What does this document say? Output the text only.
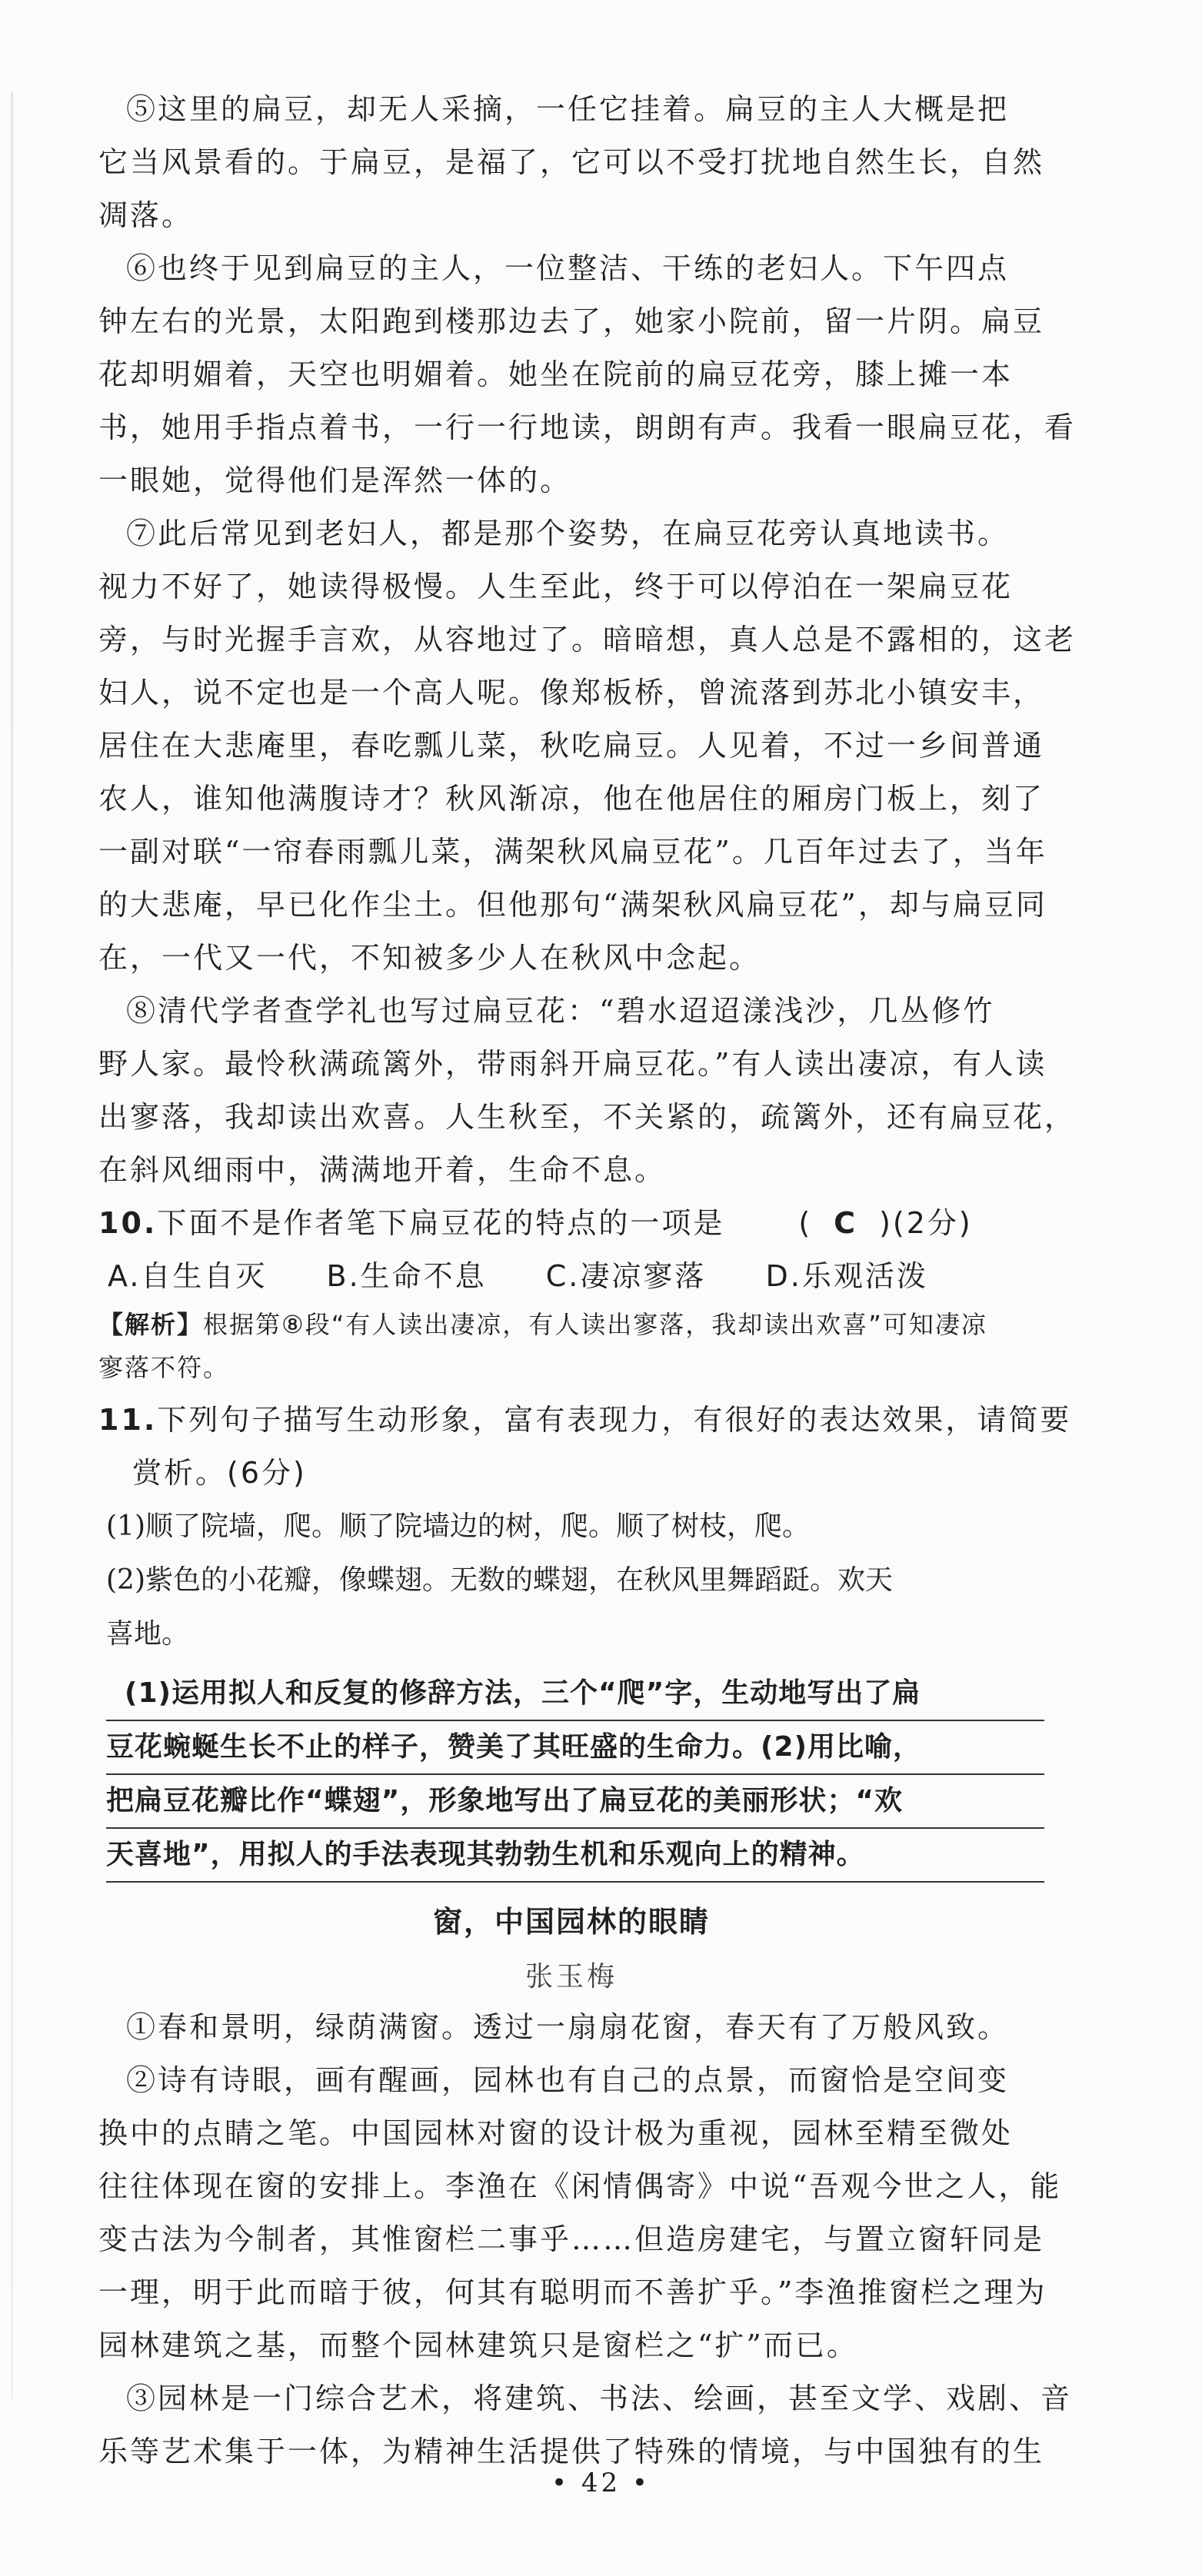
⑤这里的扁豆，却无人采摘，一任它挂着。扁豆的主人大概是把
它当风景看的。于扁豆，是福了，它可以不受打扰地自然生长，自然
凋落。
⑥也终于见到扁豆的主人，一位整洁、干练的老妇人。下午四点
钟左右的光景，太阳跑到楼那边去了，她家小院前，留一片阴。扁豆
花却明媚着，天空也明媚着。她坐在院前的扁豆花旁，膝上摊一本
书，她用手指点着书，一行一行地读，朗朗有声。我看一眼扁豆花，看
一眼她，觉得他们是浑然一体的。
⑦此后常见到老妇人，都是那个姿势，在扁豆花旁认真地读书。
视力不好了，她读得极慢。人生至此，终于可以停泊在一架扁豆花
旁，与时光握手言欢，从容地过了。暗暗想，真人总是不露相的，这老
妇人，说不定也是一个高人呢。像郑板桥，曾流落到苏北小镇安丰，
居住在大悲庵里，春吃瓢儿菜，秋吃扁豆。人见着，不过一乡间普通
农人，谁知他满腹诗才？秋风渐凉，他在他居住的厢房门板上，刻了
一副对联“一帘春雨瓢儿菜，满架秋风扁豆花”。几百年过去了，当年
的大悲庵，早已化作尘土。但他那句“满架秋风扁豆花”，却与扁豆同
在，一代又一代，不知被多少人在秋风中念起。
⑧清代学者查学礼也写过扁豆花：“碧水迢迢漾浅沙，几丛修竹
野人家。最怜秋满疏篱外，带雨斜开扁豆花。”有人读出凄凉，有人读
出寥落，我却读出欢喜。人生秋至，不关紧的，疏篱外，还有扁豆花，
在斜风细雨中，满满地开着，生命不息。
10.下面不是作者笔下扁豆花的特点的一项是	( C )(2分)
A.自生自灭 B.生命不息 C.凄凉寥落 D.乐观活泼
【解析】根据第⑧段“有人读出凄凉，有人读出寥落，我却读出欢喜”可知凄凉
寥落不符。
11.下列句子描写生动形象，富有表现力，有很好的表达效果，请简要
赏析。(6分)
(1)顺了院墙，爬。顺了院墙边的树，爬。顺了树枝，爬。
(2)紫色的小花瓣，像蝶翅。无数的蝶翅，在秋风里舞蹈跹。欢天
喜地。
(1)运用拟人和反复的修辞方法，三个“爬”字，生动地写出了扁
豆花蜿蜒生长不止的样子，赞美了其旺盛的生命力。(2)用比喻，
把扁豆花瓣比作“蝶翅”，形象地写出了扁豆花的美丽形状；“欢
天喜地”，用拟人的手法表现其勃勃生机和乐观向上的精神。
窗，中国园林的眼睛
张玉梅
①春和景明，绿荫满窗。透过一扇扇花窗，春天有了万般风致。
②诗有诗眼，画有醒画，园林也有自己的点景，而窗恰是空间变
换中的点睛之笔。中国园林对窗的设计极为重视，园林至精至微处
往往体现在窗的安排上。李渔在《闲情偶寄》中说“吾观今世之人，能
变古法为今制者，其惟窗栏二事乎……但造房建宅，与置立窗轩同是
一理，明于此而暗于彼，何其有聪明而不善扩乎。”李渔推窗栏之理为
园林建筑之基，而整个园林建筑只是窗栏之“扩”而已。
③园林是一门综合艺术，将建筑、书法、绘画，甚至文学、戏剧、音
乐等艺术集于一体，为精神生活提供了特殊的情境，与中国独有的生
• 42 •
